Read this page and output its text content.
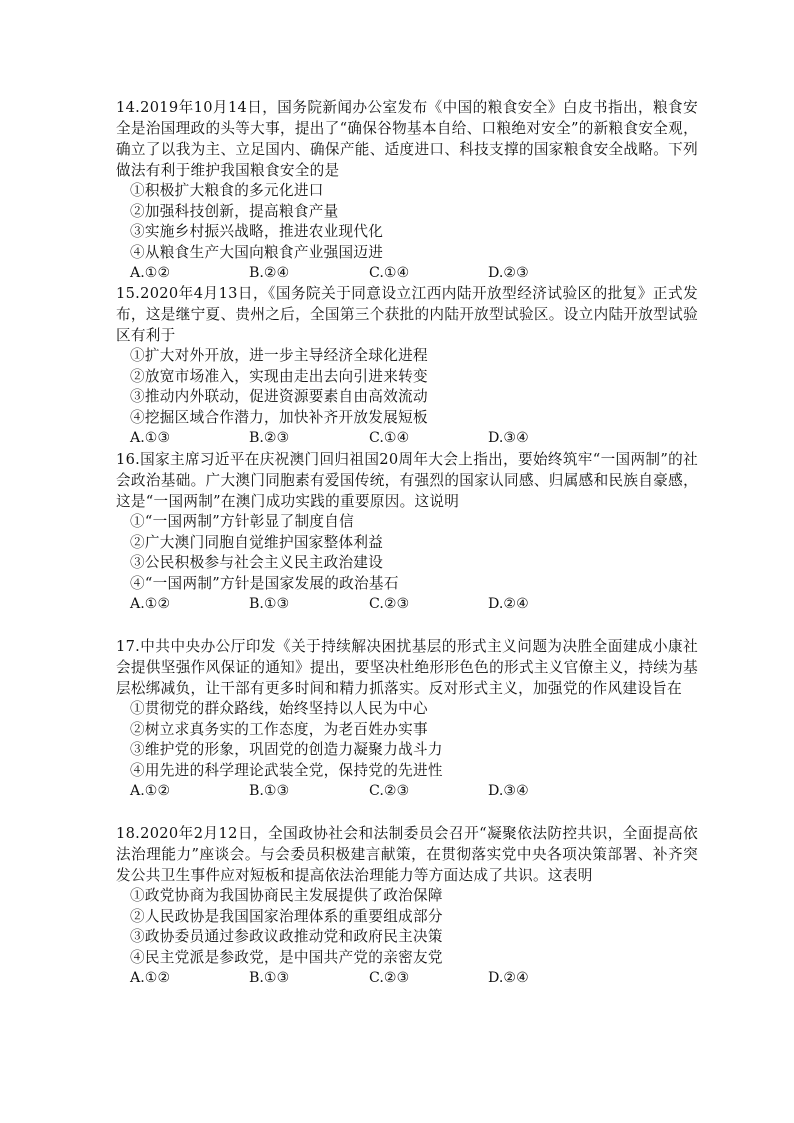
14.2019年10月14日，国务院新闻办公室发布《中国的粮食安全》白皮书指出，粮食安全是治国理政的头等大事，提出了“确保谷物基本自给、口粮绝对安全”的新粮食安全观，确立了以我为主、立足国内、确保产能、适度进口、科技支撑的国家粮食安全战略。下列做法有利于维护我国粮食安全的是

①积极扩大粮食的多元化进口

②加强科技创新，提高粮食产量

③实施乡村振兴战略，推进农业现代化

④从粮食生产大国向粮食产业强国迈进

A.①②	B.②④	C.①④	D.②③

15.2020年4月13日，《国务院关于同意设立江西内陆开放型经济试验区的批复》正式发布，这是继宁夏、贵州之后，全国第三个获批的内陆开放型试验区。设立内陆开放型试验区有利于

①扩大对外开放，进一步主导经济全球化进程

②放宽市场准入，实现由走出去向引进来转变

③推动内外联动，促进资源要素自由高效流动

④挖掘区域合作潜力，加快补齐开放发展短板

A.①③	B.②③	C.①④	D.③④

16.国家主席习近平在庆祝澳门回归祖国20周年大会上指出，要始终筑牢“一国两制”的社会政治基础。广大澳门同胞素有爱国传统，有强烈的国家认同感、归属感和民族自豪感，这是“一国两制”在澳门成功实践的重要原因。这说明

①“一国两制”方针彰显了制度自信

②广大澳门同胞自觉维护国家整体利益

③公民积极参与社会主义民主政治建设

④“一国两制”方针是国家发展的政治基石

A.①②	B.①③	C.②③	D.②④

17.中共中央办公厅印发《关于持续解决困扰基层的形式主义问题为决胜全面建成小康社会提供坚强作风保证的通知》提出，要坚决杜绝形形色色的形式主义官僚主义，持续为基层松绑减负，让干部有更多时间和精力抓落实。反对形式主义，加强党的作风建设旨在

①贯彻党的群众路线，始终坚持以人民为中心

②树立求真务实的工作态度，为老百姓办实事

③维护党的形象，巩固党的创造力凝聚力战斗力

④用先进的科学理论武装全党，保持党的先进性

A.①②	B.①③	C.②③	D.③④

18.2020年2月12日，全国政协社会和法制委员会召开“凝聚依法防控共识，全面提高依法治理能力”座谈会。与会委员积极建言献策，在贯彻落实党中央各项决策部署、补齐突发公共卫生事件应对短板和提高依法治理能力等方面达成了共识。这表明

①政党协商为我国协商民主发展提供了政治保障

②人民政协是我国国家治理体系的重要组成部分

③政协委员通过参政议政推动党和政府民主决策

④民主党派是参政党，是中国共产党的亲密友党

A.①②	B.①③	C.②③	D.②④
